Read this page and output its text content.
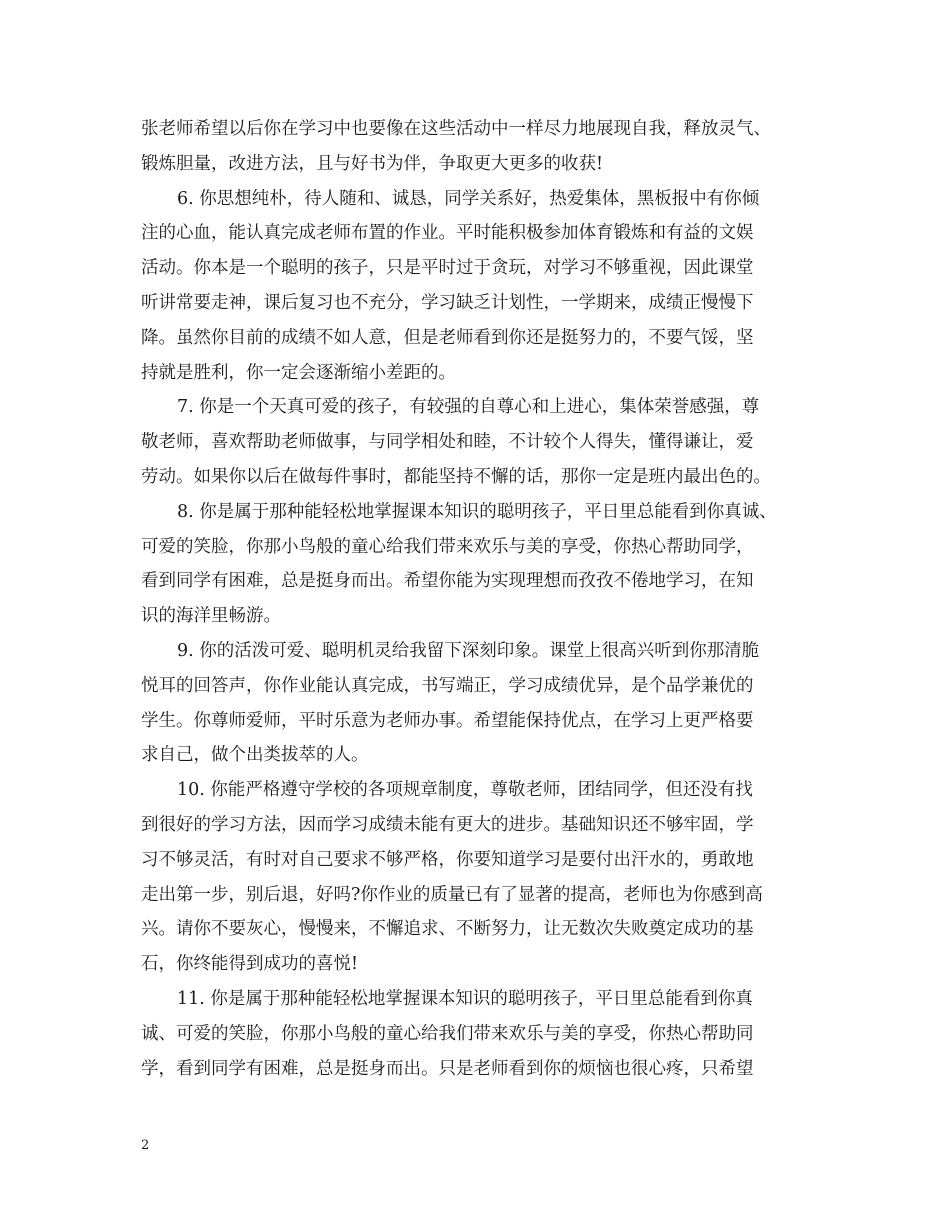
张老师希望以后你在学习中也要像在这些活动中一样尽力地展现自我，释放灵气、
锻炼胆量，改进方法，且与好书为伴，争取更大更多的收获!

6. 你思想纯朴，待人随和、诚恳，同学关系好，热爱集体，黑板报中有你倾
注的心血，能认真完成老师布置的作业。平时能积极参加体育锻炼和有益的文娱
活动。你本是一个聪明的孩子，只是平时过于贪玩，对学习不够重视，因此课堂
听讲常要走神，课后复习也不充分，学习缺乏计划性，一学期来，成绩正慢慢下
降。虽然你目前的成绩不如人意，但是老师看到你还是挺努力的，不要气馁，坚
持就是胜利，你一定会逐渐缩小差距的。

7. 你是一个天真可爱的孩子，有较强的自尊心和上进心，集体荣誉感强，尊
敬老师，喜欢帮助老师做事，与同学相处和睦，不计较个人得失，懂得谦让，爱
劳动。如果你以后在做每件事时，都能坚持不懈的话，那你一定是班内最出色的。

8. 你是属于那种能轻松地掌握课本知识的聪明孩子，平日里总能看到你真诚、
可爱的笑脸，你那小鸟般的童心给我们带来欢乐与美的享受，你热心帮助同学，
看到同学有困难，总是挺身而出。希望你能为实现理想而孜孜不倦地学习，在知
识的海洋里畅游。

9. 你的活泼可爱、聪明机灵给我留下深刻印象。课堂上很高兴听到你那清脆
悦耳的回答声，你作业能认真完成，书写端正，学习成绩优异，是个品学兼优的
学生。你尊师爱师，平时乐意为老师办事。希望能保持优点，在学习上更严格要
求自己，做个出类拔萃的人。

10. 你能严格遵守学校的各项规章制度，尊敬老师，团结同学，但还没有找
到很好的学习方法，因而学习成绩未能有更大的进步。基础知识还不够牢固，学
习不够灵活，有时对自己要求不够严格，你要知道学习是要付出汗水的，勇敢地
走出第一步，别后退，好吗?你作业的质量已有了显著的提高，老师也为你感到高
兴。请你不要灰心，慢慢来，不懈追求、不断努力，让无数次失败奠定成功的基
石，你终能得到成功的喜悦!

11. 你是属于那种能轻松地掌握课本知识的聪明孩子，平日里总能看到你真
诚、可爱的笑脸，你那小鸟般的童心给我们带来欢乐与美的享受，你热心帮助同
学，看到同学有困难，总是挺身而出。只是老师看到你的烦恼也很心疼，只希望

2
